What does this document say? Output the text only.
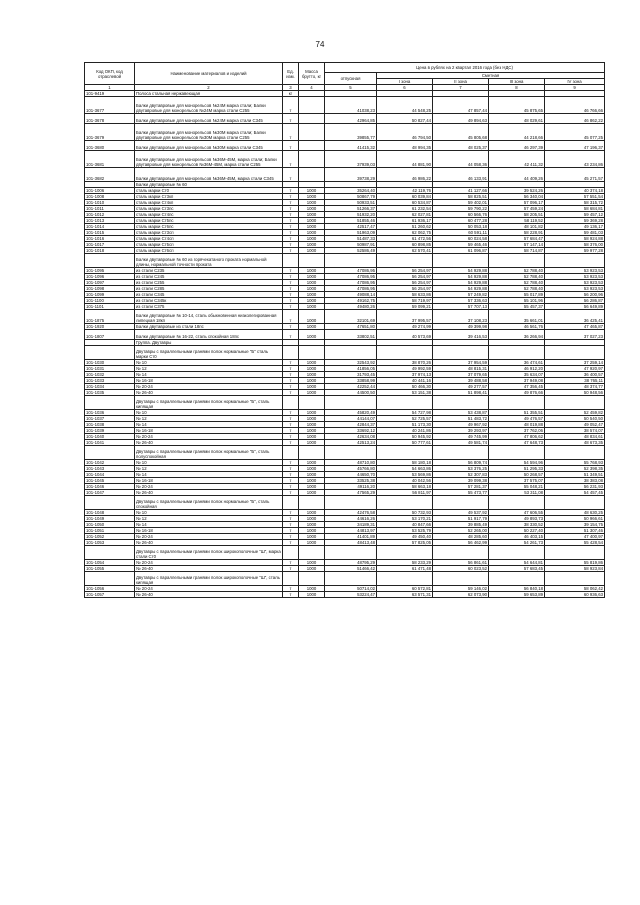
74
Код ОКП, код отраслевой	Наименование материалов и изделий	Ед. изм.	Масса брутто, кг	Цена в рублях на 2 квартал 2016 года (без НДС)				
				отпускная	Сметная			
					I зона	II зона	III зона	IV зона
1	2	3	4	5	6	7	8	9
101-9419	Полоса стальная нержавеющая	кг						
101-3677	Балки двутавровые для монорельсов №24М марка стали; Балки двутавровые для монорельсов №24М марка стали С255	т		41038,23	44 548,25	47 857,44	45 875,65	46 766,66
101-3678	Балки двутавровые для монорельсов №24М марка стали С345	т		42964,85	50 827,44	49 894,63	48 029,61	46 862,22
101-3679	Балки двутавровые для монорельсов №30М марка стали; Балки двутавровые для монорельсов №30М марка стали С255	т		39855,77	46 794,50	45 805,68	44 218,66	45 077,25
101-3680	Балки двутавровые для монорельсов №30М марка стали С345	т		41415,32	48 994,35	48 025,37	46 297,39	47 196,37
101-3681	Балки двутавровые для монорельсов №36М-45М, марка стали; Балки двутавровые для монорельсов №36М-45М, марка стали С255	т		37939,03	44 881,90	44 058,36	42 411,32	43 234,86
101-3682	Балки двутавровые для монорельсов №36М-45М, марка стали С345	т		39738,29	46 986,22	46 133,91	44 409,26	45 271,57
	Балки двутавровые № 60							
101-1006	сталь марки Ст0	т	1000	35264,40	42 119,76	41 127,66	39 524,26	40 374,18
101-1008	сталь марки Ст3кп	т	1000	50867,79	60 039,84	58 825,51	56 340,04	57 551,54
101-1010	сталь марки Ст4кп	т	1000	50933,51	60 534,87	59 402,01	57 096,17	58 315,72
101-1011	сталь марки Ст3пс	т	1000	51266,37	61 232,54	59 790,22	57 459,24	58 684,81
101-1012	сталь марки Ст4пс	т	1000	51932,20	62 027,81	60 566,76	58 205,51	59 457,12
101-1013	сталь марки Ст5пс	т	1000	51855,46	61 936,17	60 477,28	58 119,52	59 369,28
101-1014	сталь марки Ст6пс	т	1000	42517,47	51 260,62	50 053,18	48 101,82	49 136,17
101-1015	сталь марки Ст3сп	т	1000	51963,09	62 062,75	60 591,11	58 228,91	59 481,03
101-1016	сталь марки Ст4сп	т	1000	51487,33	61 472,56	60 024,58	57 684,47	58 924,88
101-1017	сталь марки Ст5сп	т	1000	50987,91	60 898,85	59 465,46	57 147,14	58 376,00
101-1018	сталь марки Ст6сп	т	1000	52586,49	62 570,41	61 096,87	58 714,87	59 977,28
	Балки двутавровые № 60 из горячекатаного проката нормальной длины, нормальной точности проката							
101-1095	из стали С235	т	1000	47086,95	56 254,97	54 929,88	52 788,40	53 923,53
101-1096	из стали С245	т	1000	47086,95	56 254,97	54 929,88	52 788,40	53 923,53
101-1097	из стали С255	т	1000	47086,95	56 254,97	54 929,88	52 788,40	53 923,53
101-1098	из стали С285	т	1000	47086,95	56 254,97	54 929,88	52 788,40	53 923,53
101-1099	из стали С345	т	1000	49088,14	58 633,86	57 249,82	55 017,89	56 200,96
101-1100	из стали С345к	т	1000	49162,75	58 719,97	57 336,63	55 101,96	56 286,87
101-1101	из стали С375	т	1000	49480,26	59 099,21	57 707,13	55 457,37	56 649,89
101-1875	Балки двутавровые № 10-14, сталь обыкновенная низколегированная липецкая 18кп	т	1000	32101,69	37 995,57	37 108,23	35 661,01	36 425,41
101-1920	Балки двутавровые из стали 18пс	т	1000	47651,80	49 274,99	49 399,98	46 561,76	47 465,87
101-1807	Балки двутавровые № 16-22, сталь спокойная 18пс	т	1000	33802,51	40 573,69	39 416,53	36 266,94	37 027,23
	Группа. Двутавры							
	Двутавры с параллельными гранями полок нормальные "Б" сталь марки Ст0							
101-1030	№ 10	т	1000	32543,92	38 870,26	37 954,59	36 474,61	37 259,14
101-1031	№ 12	т	1000	41856,05	49 992,59	48 815,31	46 912,20	47 920,97
101-1032	№ 14	т	1000	31793,45	37 974,13	37 079,65	35 634,07	36 400,57
101-1033	№ 16-18	т	1000	33858,99	40 441,16	39 488,58	37 949,08	38 765,11
101-1034	№ 20-24	т	1000	42252,44	50 466,30	49 277,57	47 356,45	48 374,77
101-1035	№ 26-40	т	1000	44500,50	53 151,38	51 898,41	49 876,66	50 948,56
	Двутавры с параллельными гранями полок нормальные "Б", сталь кипящая							
101-1036	№ 10	т	1000	45820,49	54 727,98	53 438,87	51 355,51	52 459,82
101-1037	№ 12	т	1000	44144,07	52 725,57	51 483,72	49 476,57	50 540,50
101-1038	№ 14	т	1000	42844,37	51 173,30	49 967,92	48 019,88	49 052,47
101-1039	№ 16-18	т	1000	33692,12	40 241,86	39 293,97	37 762,06	38 574,07
101-1040	№ 20-24	т	1000	42634,08	50 945,92	49 745,99	47 806,62	48 834,61
101-1041	№ 26-40	т	1000	42513,24	50 777,61	49 581,74	47 648,73	48 673,35
	Двутавры с параллельными гранями полок нормальные "Б", сталь полуспокойная							
101-1042	№ 10	т	1000	48710,80	58 180,18	56 809,74	54 594,96	55 768,93
101-1043	№ 12	т	1000	45766,80	54 663,86	53 376,25	51 295,33	52 398,35
101-1044	№ 14	т	1000	44650,70	53 569,86	52 307,83	50 268,57	51 349,51
101-1045	№ 16-18	т	1000	33525,38	40 042,56	39 099,38	37 575,07	38 383,08
101-1046	№ 20-24	т	1000	49116,20	58 663,18	57 281,37	55 048,21	56 231,93
101-1047	№ 26-40	т	1000	47565,29	56 811,97	55 473,77	53 311,08	54 457,45
	Двутавры с параллельными гранями полок нормальные "Б", сталь спокойная							
101-1048	№ 10	т	1000	42476,58	50 732,93	49 537,92	47 606,55	48 630,25
101-1049	№ 12	т	1000	44616,26	53 170,21	51 917,79	49 893,73	50 966,61
101-1050	№ 14	т	1000	34189,31	40 847,66	39 885,49	38 330,52	39 154,75
101-1051	№ 16-18	т	1000	44813,97	53 525,79	52 265,00	50 227,40	51 307,46
101-1052	№ 20-24	т	1000	41401,89	49 450,40	48 285,60	46 403,15	47 400,97
101-1053	№ 26-40	т	1000	48413,48	57 825,05	56 462,99	54 261,73	55 428,54
	Двутавры с параллельными гранями полок широкополочные "Ш", марка стали Ст0							
101-1054	№ 20-24	т	1000	48795,29	58 233,29	56 861,61	54 644,81	55 819,86
101-1055	№ 26-40	т	1000	51466,42	61 471,48	60 023,52	57 683,45	58 923,84
	Двутавры с параллельными гранями полок широкополочные "Ш", сталь кипящая							
101-1056	№ 20-24	т	1000	50714,02	60 572,81	59 146,02	56 840,18	58 062,42
101-1057	№ 26-40	т	1000	53224,47	63 571,31	62 073,90	59 653,89	60 936,63
